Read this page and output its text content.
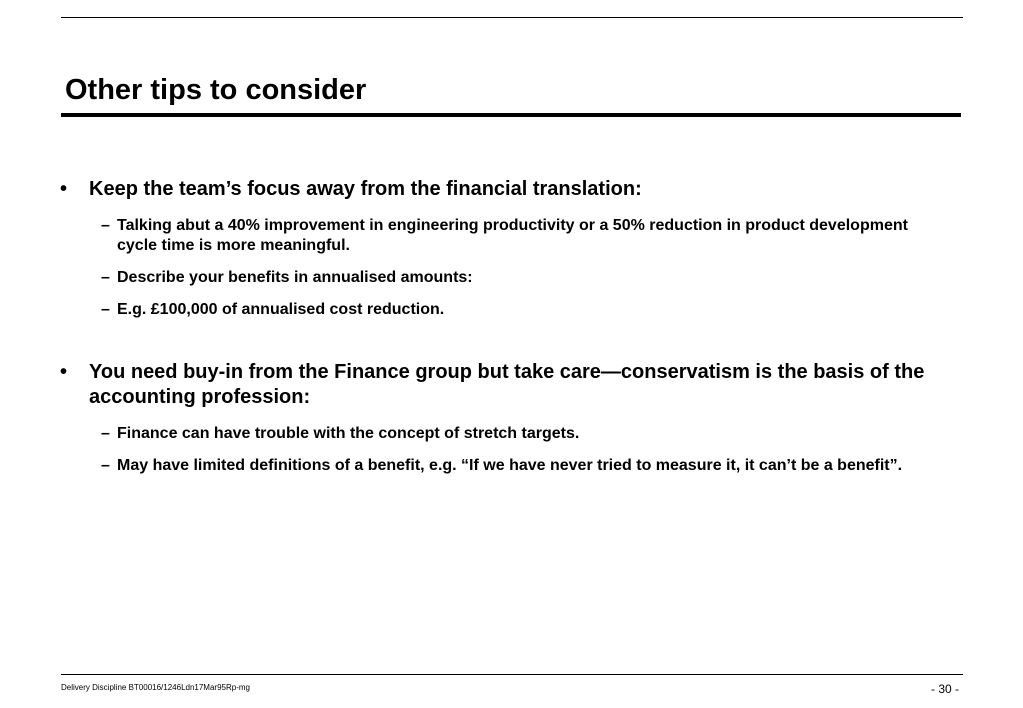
Other tips to consider
•	Keep the team’s focus away from the financial translation:
– Talking abut a 40% improvement in engineering productivity or a 50% reduction in product development cycle time is more meaningful.
– Describe your benefits in annualised amounts:
– E.g. £100,000 of annualised cost reduction.
•	You need buy-in from the Finance group but take care—conservatism is the basis of the accounting profession:
– Finance can have trouble with the concept of stretch targets.
– May have limited definitions of a benefit, e.g. “If we have never tried to measure it, it can’t be a benefit”.
Delivery Discipline BT00016/1246Ldn17Mar95Rp-mg	- 30 -
